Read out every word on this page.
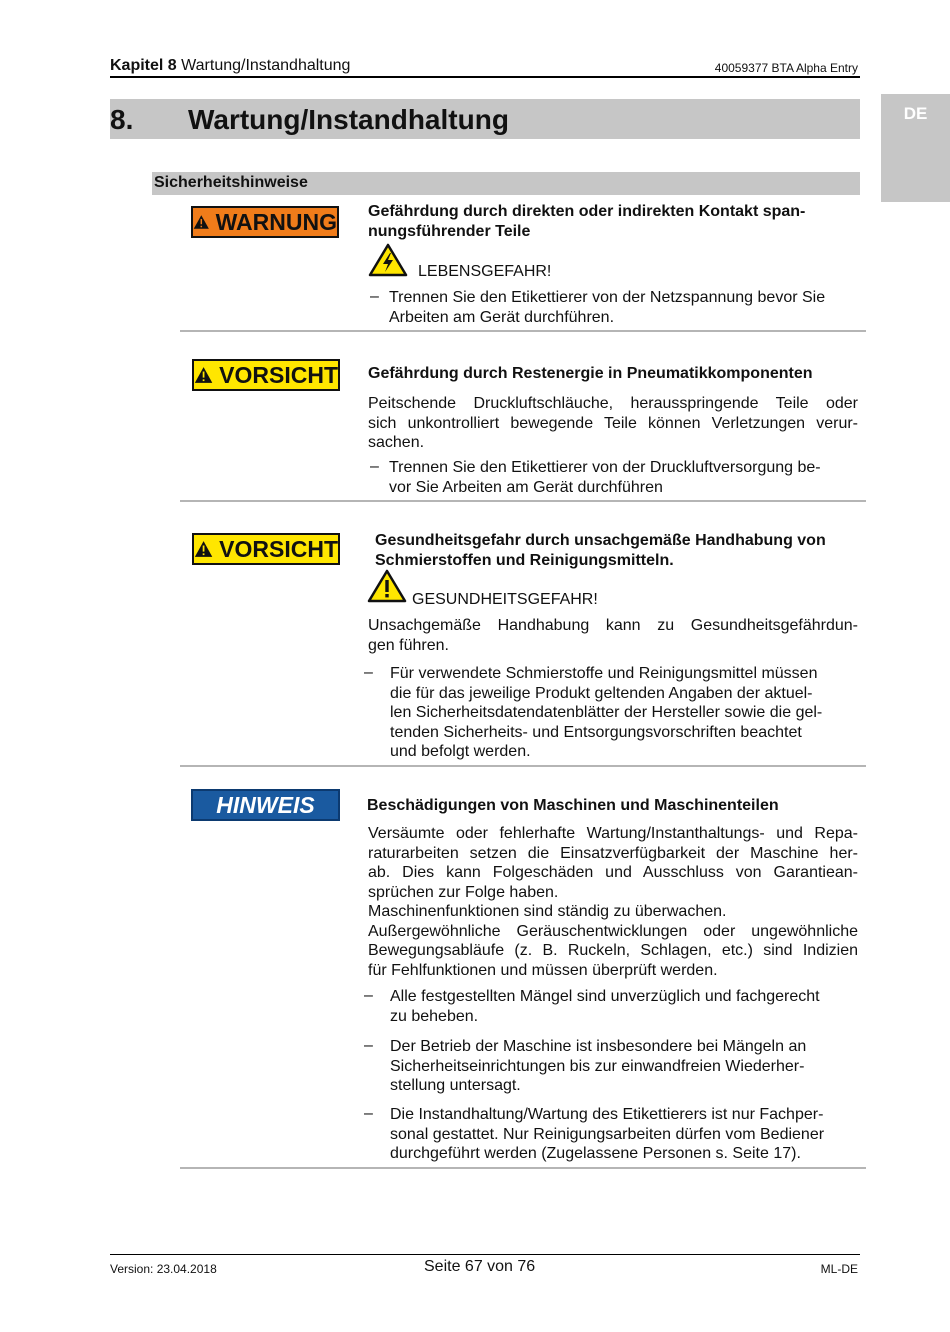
Kapitel 8 Wartung/Instandhaltung	40059377 BTA Alpha Entry
8. Wartung/Instandhaltung	DE
Sicherheitshinweise
WARNUNG Gefährdung durch direkten oder indirekten Kontakt span-
nungsführender Teile
LEBENSGEFAHR!
– Trennen Sie den Etikettierer von der Netzspannung bevor Sie
Arbeiten am Gerät durchführen.
VORSICHT Gefährdung durch Restenergie in Pneumatikkomponenten
Peitschende Druckluftschläuche, herausspringende Teile oder
sich unkontrolliert bewegende Teile können Verletzungen verur-
sachen.
– Trennen Sie den Etikettierer von der Druckluftversorgung be-
vor Sie Arbeiten am Gerät durchführen
VORSICHT Gesundheitsgefahr durch unsachgemäße Handhabung von
Schmierstoffen und Reinigungsmitteln.
GESUNDHEITSGEFAHR!
Unsachgemäße Handhabung kann zu Gesundheitsgefährdun-
gen führen.
– Für verwendete Schmierstoffe und Reinigungsmittel müssen
die für das jeweilige Produkt geltenden Angaben der aktuel-
len Sicherheitsdatendatenblätter der Hersteller sowie die gel-
tenden Sicherheits- und Entsorgungsvorschriften beachtet
und befolgt werden.
HINWEIS	Beschädigungen von Maschinen und Maschinenteilen
Versäumte oder fehlerhafte Wartung/Instanthaltungs- und Repa-
raturarbeiten setzen die Einsatzverfügbarkeit der Maschine her-
ab. Dies kann Folgeschäden und Ausschluss von Garantiean-
sprüchen zur Folge haben.
Maschinenfunktionen sind ständig zu überwachen.
Außergewöhnliche Geräuschentwicklungen oder ungewöhnliche
Bewegungsabläufe (z. B. Ruckeln, Schlagen, etc.) sind Indizien
für Fehlfunktionen und müssen überprüft werden.
– Alle festgestellten Mängel sind unverzüglich und fachgerecht
zu beheben.
– Der Betrieb der Maschine ist insbesondere bei Mängeln an
Sicherheitseinrichtungen bis zur einwandfreien Wiederher-
stellung untersagt.
– Die Instandhaltung/Wartung des Etikettierers ist nur Fachper-
sonal gestattet. Nur Reinigungsarbeiten dürfen vom Bediener
durchgeführt werden (Zugelassene Personen s. Seite 17).
Version: 23.04.2018	Seite 67 von 76	ML-DE
